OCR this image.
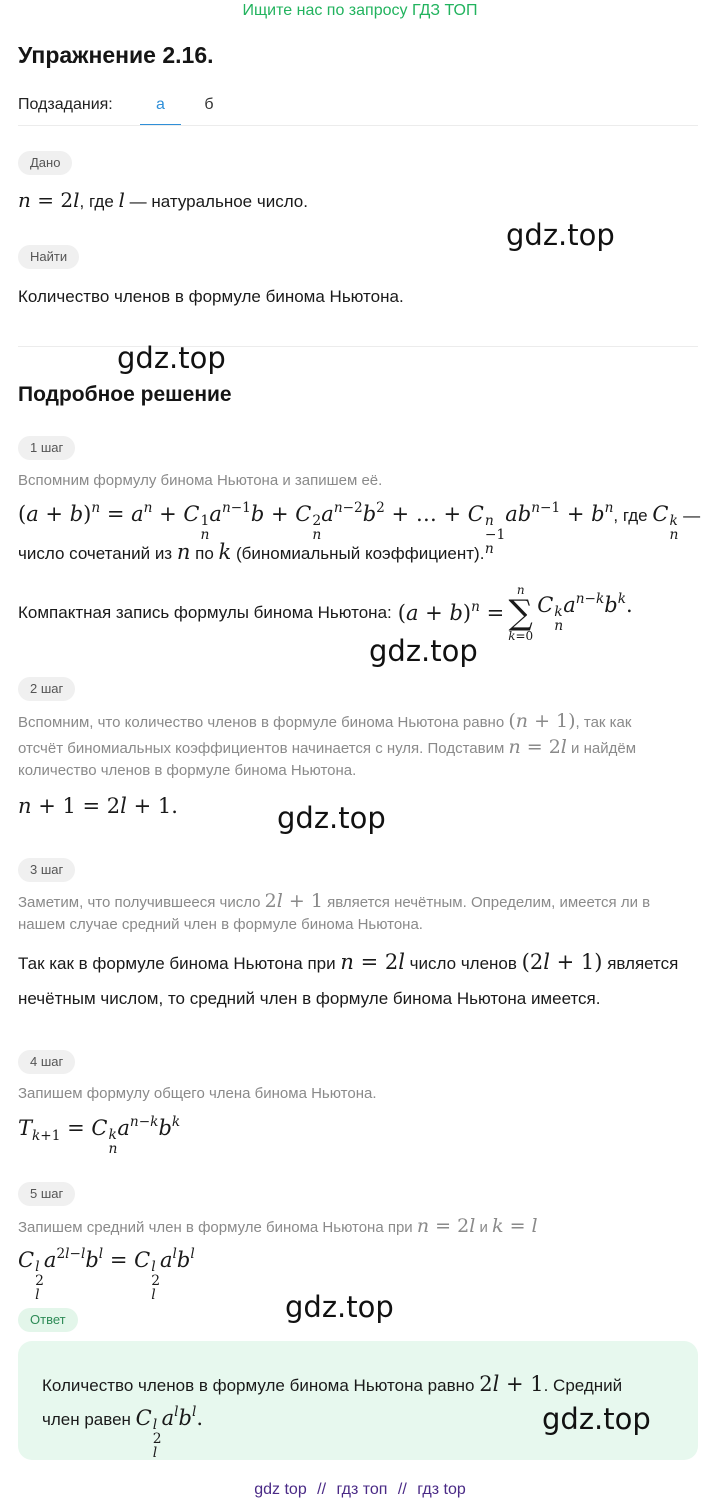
Ищите нас по запросу ГДЗ ТОП
Упражнение 2.16.
Подзадания:	а	б
Дано
n = 2l, где l — натуральное число.
Найти
Количество членов в формуле бинома Ньютона.
Подробное решение
1 шаг
Вспомним формулу бинома Ньютона и запишем её.
$(a + b)^n = a^n + C$ 1
n
$a^{n-1}b + C$ 2
n
$a^{n-2}b^2$ + … + C n
−1
n
$ab^{n-1} + b^n$, где C k
n
—
число сочетаний из n по k (биномиальный коэффициент).
Компактная запись формулы бинома Ньютона: $(a + b)^n$ =
n
∑
k=0
C k
n
$a^{n-k}b^k$.
2 шаг
Вспомним, что количество членов в формуле бинома Ньютона равно (n + 1), так как
отсчёт биномиальных коэффициентов начинается с нуля. Подставим n = 2l и найдём
количество членов в формуле бинома Ньютона.
n + 1 = 2l + 1.
3 шаг
Заметим, что получившееся число 2l + 1 является нечётным. Определим, имеется ли в
нашем случае средний член в формуле бинома Ньютона.
Так как в формуле бинома Ньютона при n = 2l число членов (2l + 1) является
нечётным числом, то средний член в формуле бинома Ньютона имеется.
4 шаг
Запишем формулу общего члена бинома Ньютона.
$T_{k+1} = C$ k
n
$a^{n-k}b^k$
5 шаг
Запишем средний член в формуле бинома Ньютона при n = 2l и k = l
C l
2
l
$a^{2l-l}b^l = C$ l
2
l
$a^lb^l$
Ответ
Количество членов в формуле бинома Ньютона равно 2l + 1. Средний
член равен C l
2
l
$a^lb^l$.
gdz.top
gdz.top
gdz.top
gdz.top
gdz.top
gdz.top
gdz top // гдз топ // гдз top
